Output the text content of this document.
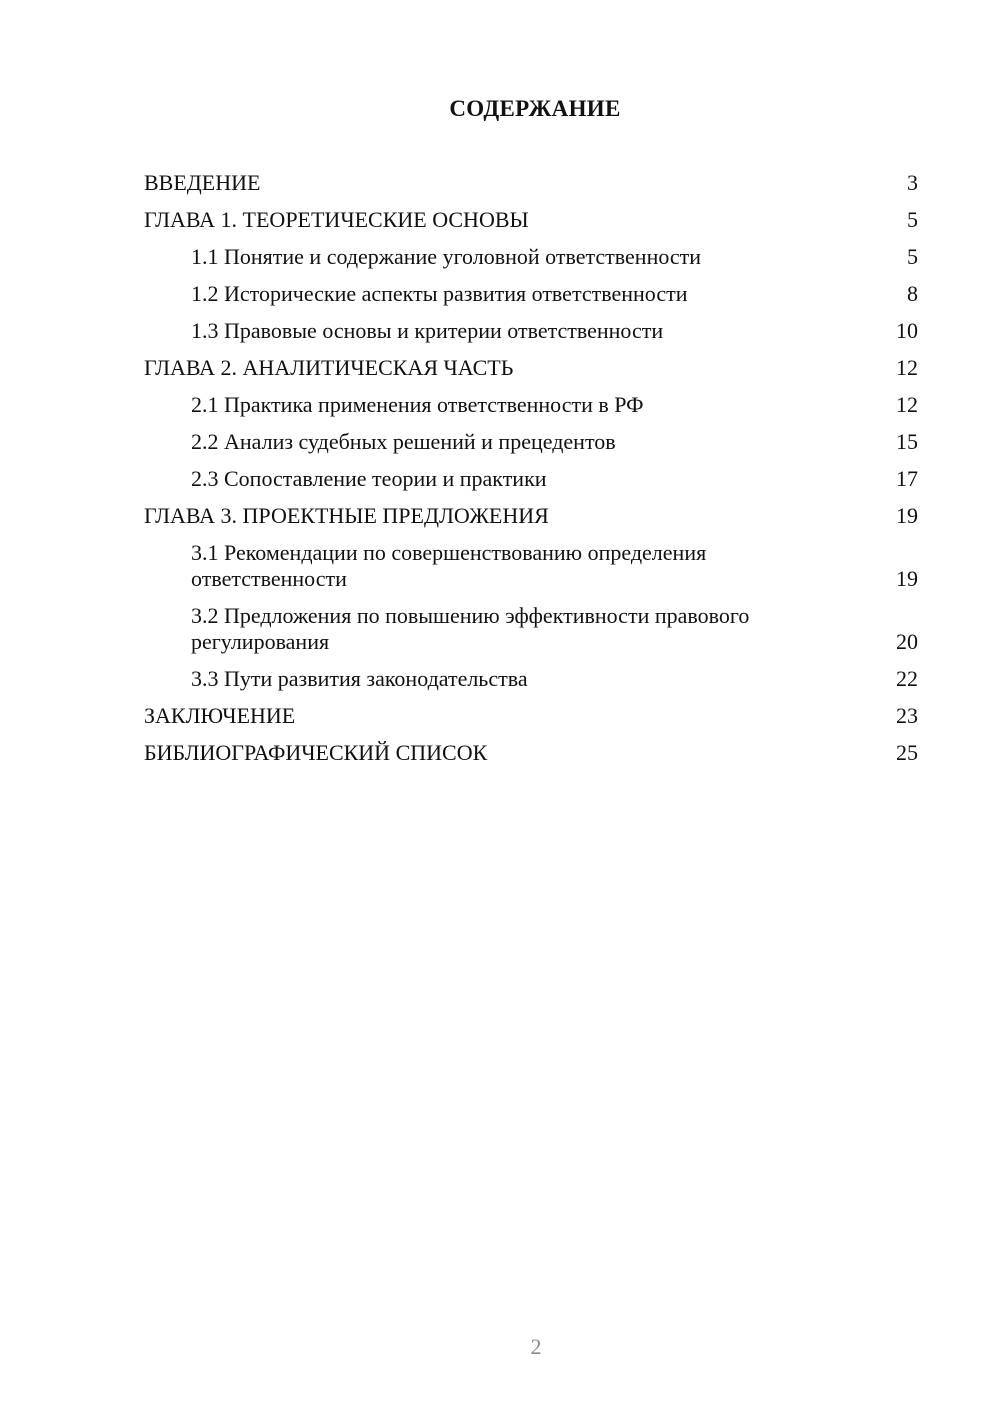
СОДЕРЖАНИЕ
ВВЕДЕНИЕ	3
ГЛАВА 1. ТЕОРЕТИЧЕСКИЕ ОСНОВЫ	5
1.1 Понятие и содержание уголовной ответственности	5
1.2 Исторические аспекты развития ответственности	8
1.3 Правовые основы и критерии ответственности	10
ГЛАВА 2. АНАЛИТИЧЕСКАЯ ЧАСТЬ	12
2.1 Практика применения ответственности в РФ	12
2.2 Анализ судебных решений и прецедентов	15
2.3 Сопоставление теории и практики	17
ГЛАВА 3. ПРОЕКТНЫЕ ПРЕДЛОЖЕНИЯ	19
3.1 Рекомендации по совершенствованию определения ответственности	19
3.2 Предложения по повышению эффективности правового регулирования	20
3.3 Пути развития законодательства	22
ЗАКЛЮЧЕНИЕ	23
БИБЛИОГРАФИЧЕСКИЙ СПИСОК	25
2
